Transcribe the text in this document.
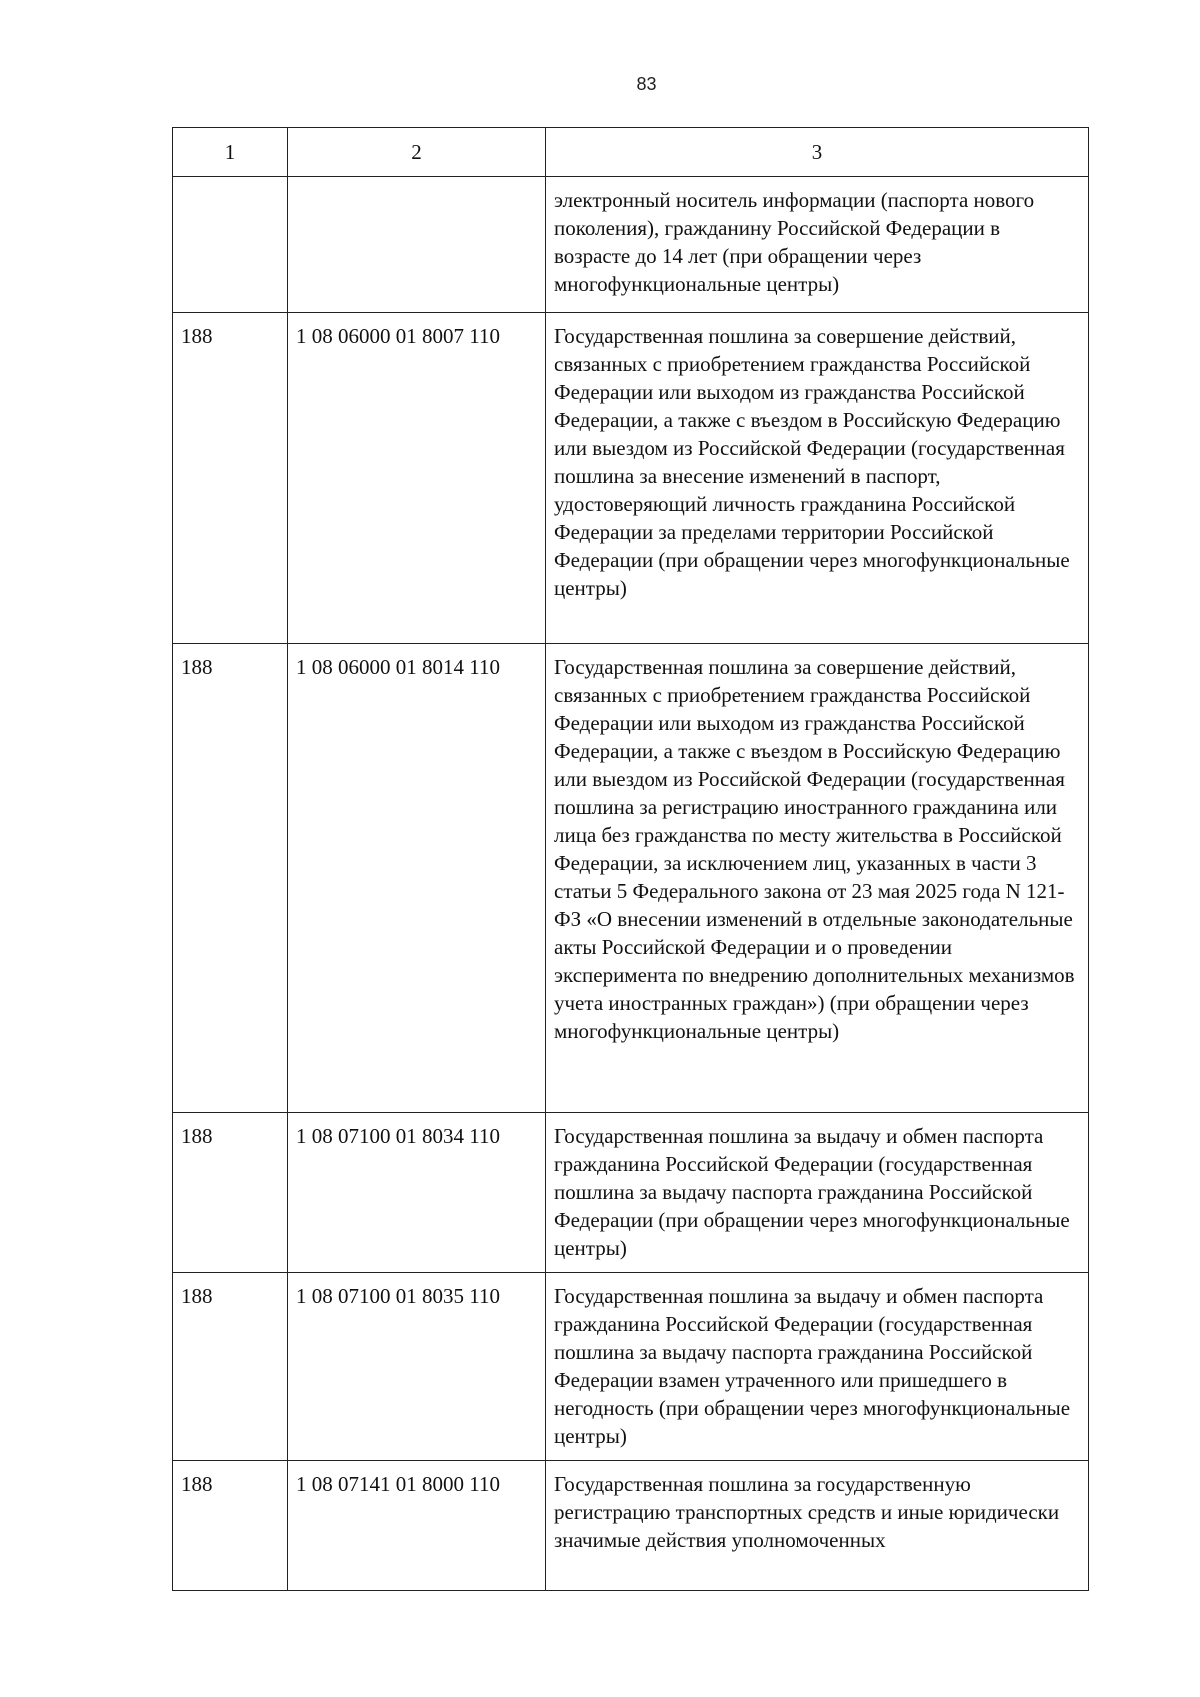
83
1	2	3
		электронный носитель информации (паспорта нового поколения), гражданину Российской Федерации в возрасте до 14 лет (при обращении через многофункциональные центры)
188	1 08 06000 01 8007 110	Государственная пошлина за совершение действий, связанных с приобретением гражданства Российской Федерации или выходом из гражданства Российской Федерации, а также с въездом в Российскую Федерацию или выездом из Российской Федерации (государственная пошлина за внесение изменений в паспорт, удостоверяющий личность гражданина Российской Федерации за пределами территории Российской Федерации (при обращении через многофункциональные центры)
188	1 08 06000 01 8014 110	Государственная пошлина за совершение действий, связанных с приобретением гражданства Российской Федерации или выходом из гражданства Российской Федерации, а также с въездом в Российскую Федерацию или выездом из Российской Федерации (государственная пошлина за регистрацию иностранного гражданина или лица без гражданства по месту жительства в Российской Федерации, за исключением лиц, указанных в части 3 статьи 5 Федерального закона от 23 мая 2025 года N 121-ФЗ «О внесении изменений в отдельные законодательные акты Российской Федерации и о проведении эксперимента по внедрению дополнительных механизмов учета иностранных граждан») (при обращении через многофункциональные центры)
188	1 08 07100 01 8034 110	Государственная пошлина за выдачу и обмен паспорта гражданина Российской Федерации (государственная пошлина за выдачу паспорта гражданина Российской Федерации (при обращении через многофункциональные центры)
188	1 08 07100 01 8035 110	Государственная пошлина за выдачу и обмен паспорта гражданина Российской Федерации (государственная пошлина за выдачу паспорта гражданина Российской Федерации взамен утраченного или пришедшего в негодность (при обращении через многофункциональные центры)
188	1 08 07141 01 8000 110	Государственная пошлина за государственную регистрацию транспортных средств и иные юридически значимые действия уполномоченных
